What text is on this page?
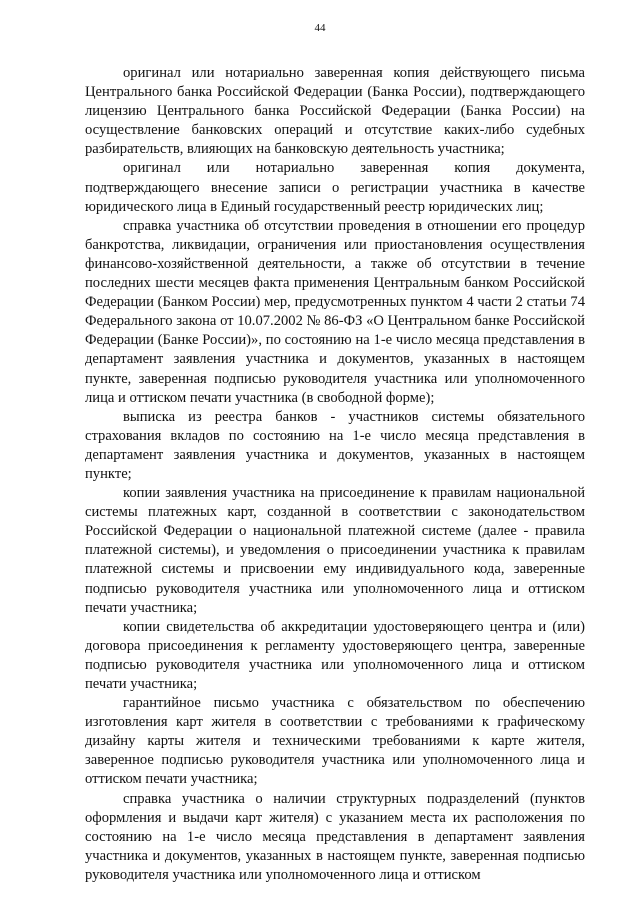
44

оригинал или нотариально заверенная копия действующего письма Центрального банка Российской Федерации (Банка России), подтверждающего лицензию Центрального банка Российской Федерации (Банка России) на осуществление банковских операций и отсутствие каких-либо судебных разбирательств, влияющих на банковскую деятельность участника;

оригинал или нотариально заверенная копия документа, подтверждающего внесение записи о регистрации участника в качестве юридического лица в Единый государственный реестр юридических лиц;

справка участника об отсутствии проведения в отношении его процедур банкротства, ликвидации, ограничения или приостановления осуществления финансово-хозяйственной деятельности, а также об отсутствии в течение последних шести месяцев факта применения Центральным банком Российской Федерации (Банком России) мер, предусмотренных пунктом 4 части 2 статьи 74 Федерального закона от 10.07.2002 № 86-ФЗ «О Центральном банке Российской Федерации (Банке России)», по состоянию на 1-е число месяца представления в департамент заявления участника и документов, указанных в настоящем пункте, заверенная подписью руководителя участника или уполномоченного лица и оттиском печати участника (в свободной форме);

выписка из реестра банков - участников системы обязательного страхования вкладов по состоянию на 1-е число месяца представления в департамент заявления участника и документов, указанных в настоящем пункте;

копии заявления участника на присоединение к правилам национальной системы платежных карт, созданной в соответствии с законодательством Российской Федерации о национальной платежной системе (далее - правила платежной системы), и уведомления о присоединении участника к правилам платежной системы и присвоении ему индивидуального кода, заверенные подписью руководителя участника или уполномоченного лица и оттиском печати участника;

копии свидетельства об аккредитации удостоверяющего центра и (или) договора присоединения к регламенту удостоверяющего центра, заверенные подписью руководителя участника или уполномоченного лица и оттиском печати участника;

гарантийное письмо участника с обязательством по обеспечению изготовления карт жителя в соответствии с требованиями к графическому дизайну карты жителя и техническими требованиями к карте жителя, заверенное подписью руководителя участника или уполномоченного лица и оттиском печати участника;

справка участника о наличии структурных подразделений (пунктов оформления и выдачи карт жителя) с указанием места их расположения по состоянию на 1-е число месяца представления в департамент заявления участника и документов, указанных в настоящем пункте, заверенная подписью руководителя участника или уполномоченного лица и оттиском
